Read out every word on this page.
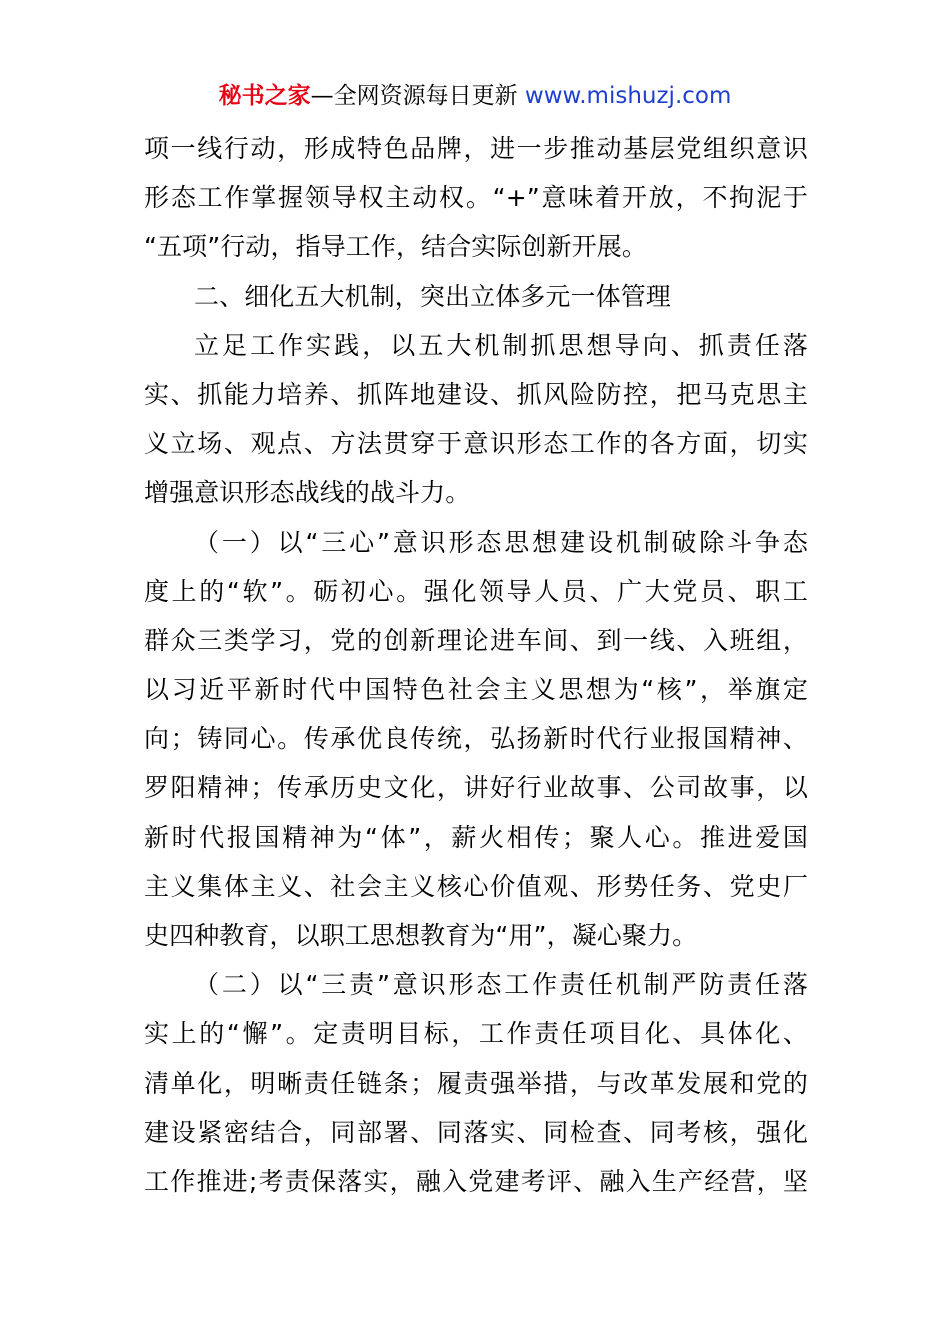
秘书之家—全网资源每日更新 www.mishuzj.com
项一线行动，形成特色品牌，进一步推动基层党组织意识
形态工作掌握领导权主动权。“+”意味着开放，不拘泥于
“五项”行动，指导工作，结合实际创新开展。
二、细化五大机制，突出立体多元一体管理
立足工作实践，以五大机制抓思想导向、抓责任落
实、抓能力培养、抓阵地建设、抓风险防控，把马克思主
义立场、观点、方法贯穿于意识形态工作的各方面，切实
增强意识形态战线的战斗力。
（一）以“三心”意识形态思想建设机制破除斗争态
度上的“软”。砺初心。强化领导人员、广大党员、职工
群众三类学习，党的创新理论进车间、到一线、入班组，
以习近平新时代中国特色社会主义思想为“核”，举旗定
向；铸同心。传承优良传统，弘扬新时代行业报国精神、
罗阳精神；传承历史文化，讲好行业故事、公司故事，以
新时代报国精神为“体”，薪火相传；聚人心。推进爱国
主义集体主义、社会主义核心价值观、形势任务、党史厂
史四种教育，以职工思想教育为“用”，凝心聚力。
（二）以“三责”意识形态工作责任机制严防责任落
实上的“懈”。定责明目标，工作责任项目化、具体化、
清单化，明晰责任链条；履责强举措，与改革发展和党的
建设紧密结合，同部署、同落实、同检查、同考核，强化
工作推进;考责保落实，融入党建考评、融入生产经营，坚
